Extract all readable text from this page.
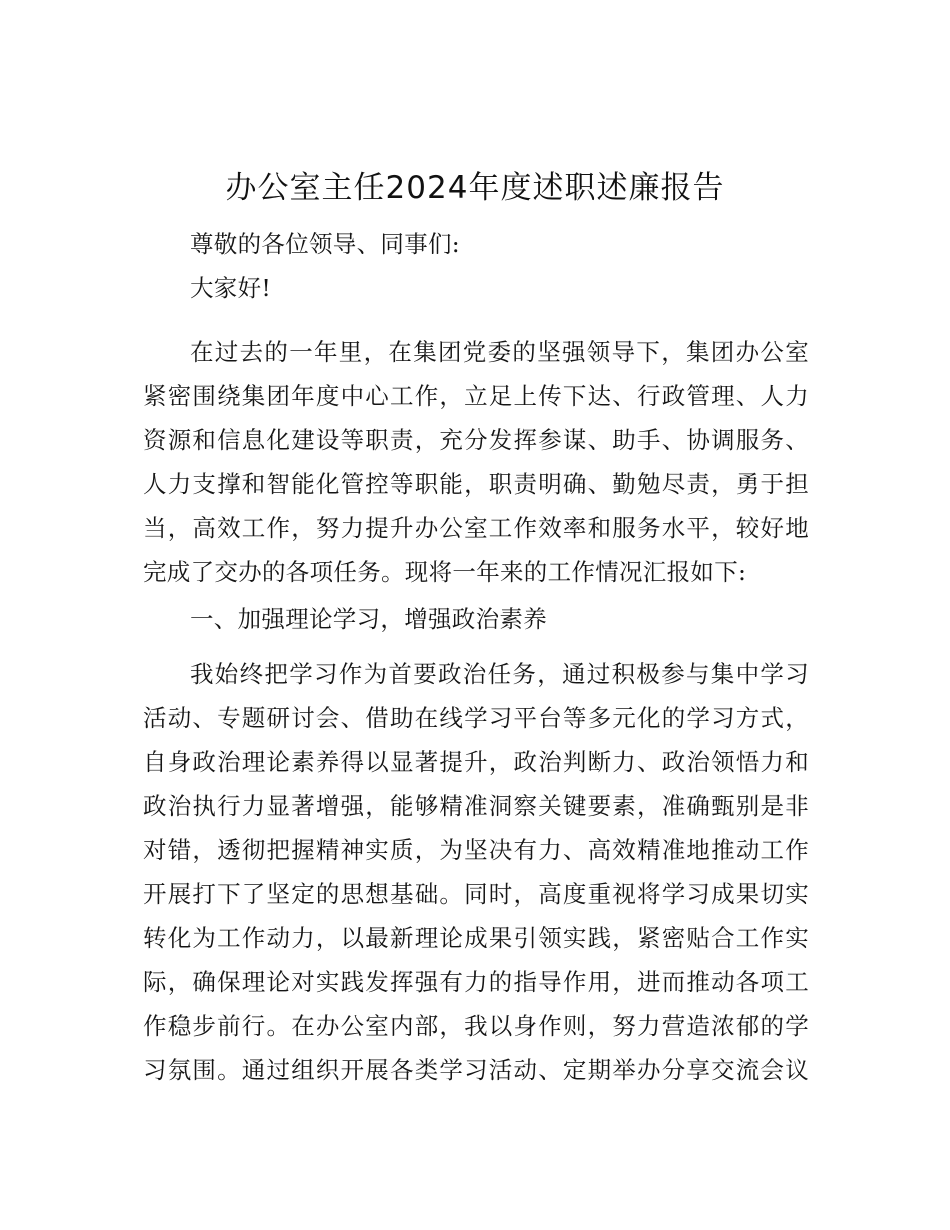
办公室主任2024年度述职述廉报告
尊敬的各位领导、同事们:
大家好!
在过去的一年里，在集团党委的坚强领导下，集团办公室
紧密围绕集团年度中心工作，立足上传下达、行政管理、人力
资源和信息化建设等职责，充分发挥参谋、助手、协调服务、
人力支撑和智能化管控等职能，职责明确、勤勉尽责，勇于担
当，高效工作，努力提升办公室工作效率和服务水平，较好地
完成了交办的各项任务。现将一年来的工作情况汇报如下:
一、加强理论学习，增强政治素养
我始终把学习作为首要政治任务，通过积极参与集中学习
活动、专题研讨会、借助在线学习平台等多元化的学习方式，
自身政治理论素养得以显著提升，政治判断力、政治领悟力和
政治执行力显著增强，能够精准洞察关键要素，准确甄别是非
对错，透彻把握精神实质，为坚决有力、高效精准地推动工作
开展打下了坚定的思想基础。同时，高度重视将学习成果切实
转化为工作动力，以最新理论成果引领实践，紧密贴合工作实
际，确保理论对实践发挥强有力的指导作用，进而推动各项工
作稳步前行。在办公室内部，我以身作则，努力营造浓郁的学
习氛围。通过组织开展各类学习活动、定期举办分享交流会议
